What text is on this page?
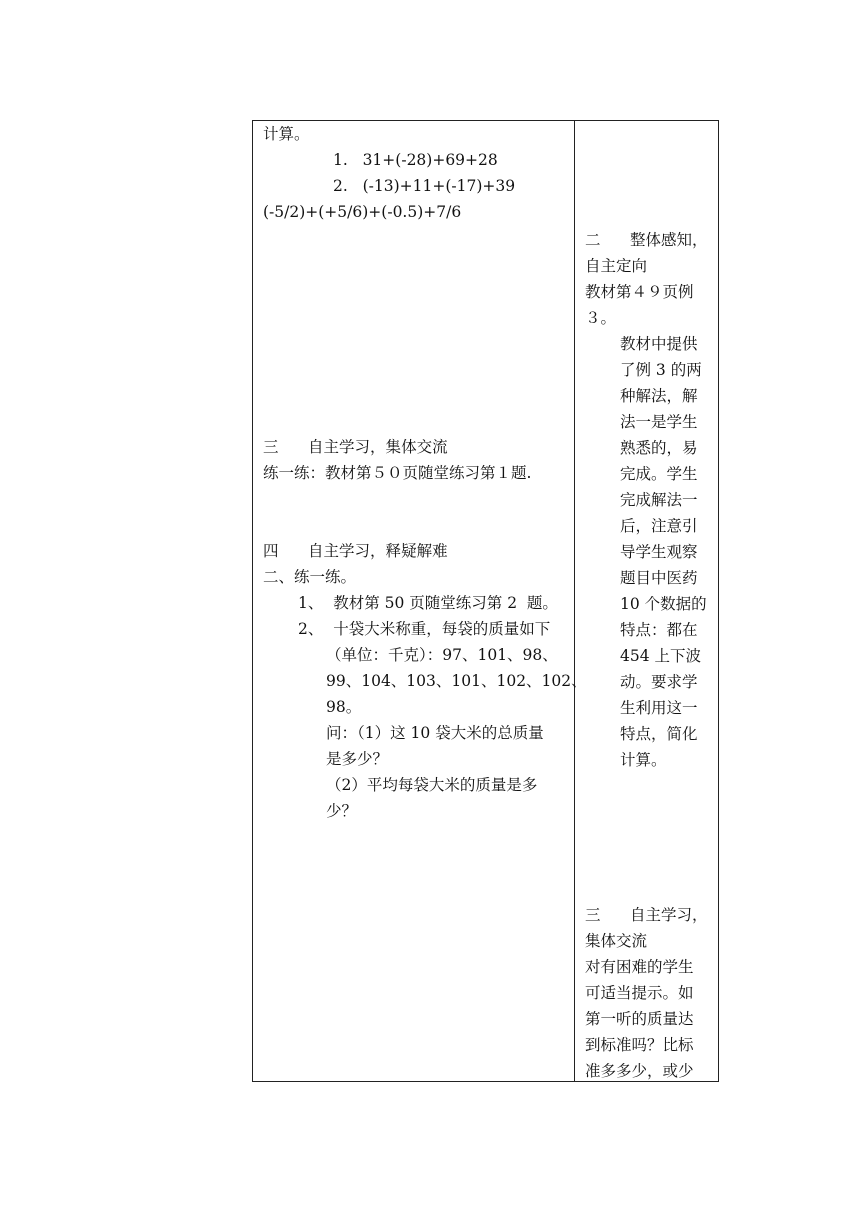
计算。
1.   31+(-28)+69+28
2.   (-13)+11+(-17)+39
(-5/2)+(+5/6)+(-0.5)+7/6
三      自主学习，集体交流
练一练：教材第５０页随堂练习第１题.
四      自主学习，释疑解难
二、练一练。
1、  教材第 50 页随堂练习第 2  题。
2、  十袋大米称重，每袋的质量如下
（单位：千克）：97、101、98、
99、104、103、101、102、102、
98。
问：（1）这 10 袋大米的总质量
是多少？
（2）平均每袋大米的质量是多
少？
二      整体感知，
自主定向
教材第４９页例
３。
教材中提供
了例 3 的两
种解法，解
法一是学生
熟悉的，易
完成。学生
完成解法一
后，注意引
导学生观察
题目中医药
10 个数据的
特点：都在
454 上下波
动。要求学
生利用这一
特点，简化
计算。
三      自主学习，
集体交流
对有困难的学生
可适当提示。如
第一听的质量达
到标准吗？比标
准多多少，或少
